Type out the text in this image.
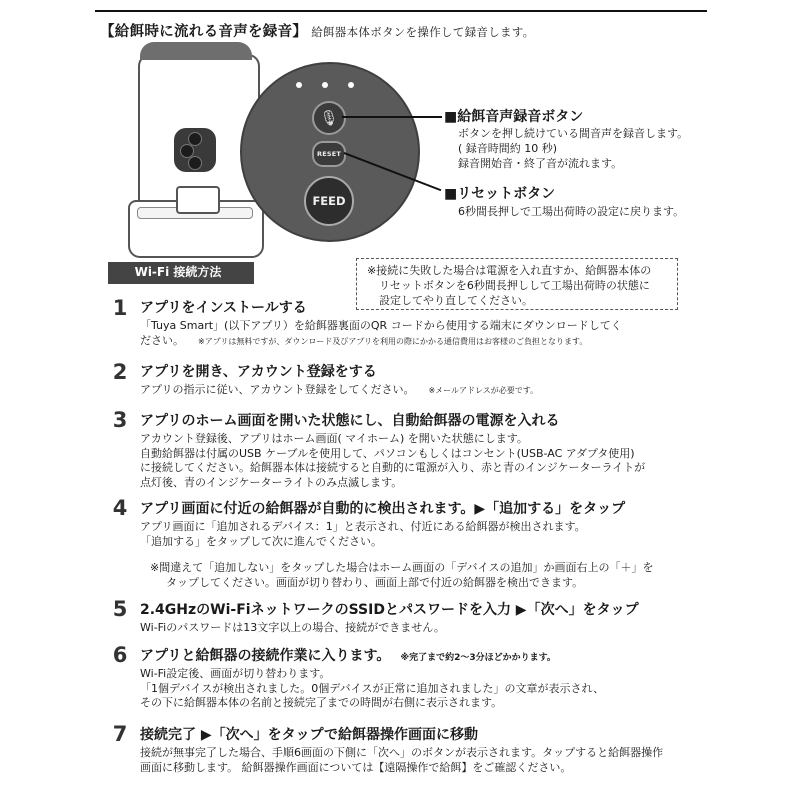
【給餌時に流れる音声を録音】 給餌器本体ボタンを操作して録音します。
🎙
RESET
FEED
■給餌音声録音ボタン
ボタンを押し続けている間音声を録音します。
( 録音時間約 10 秒)
録音開始音・終了音が流れます。
■リセットボタン
6秒間長押しで工場出荷時の設定に戻ります。
Wi-Fi 接続方法	※接続に失敗した場合は電源を入れ直すか、給餌器本体の
リセットボタンを6秒間長押しして工場出荷時の状態に
設定してやり直してください。
1 アプリをインストールする
「Tuya Smart」(以下アプリ）を給餌器裏面のQR コードから使用する端末にダウンロードしてく
ださい。 ※アプリは無料ですが、ダウンロード及びアプリを利用の際にかかる通信費用はお客様のご負担となります。
2 アプリを開き、アカウント登録をする
アプリの指示に従い、アカウント登録をしてください。 ※メールアドレスが必要です。
3 アプリのホーム画面を開いた状態にし、自動給餌器の電源を入れる
アカウント登録後、アプリはホーム画面( マイホーム) を開いた状態にします。
自動給餌器は付属のUSB ケーブルを使用して、パソコンもしくはコンセント(USB-AC アダプタ使用)
に接続してください。給餌器本体は接続すると自動的に電源が入り、赤と青のインジケーターライトが
点灯後、青のインジケーターライトのみ点滅します。
4 アプリ画面に付近の給餌器が自動的に検出されます。▶「追加する」をタップ
アプリ画面に「追加されるデバイス：1」と表示され、付近にある給餌器が検出されます。
「追加する」をタップして次に進んでください。
※間違えて「追加しない」をタップした場合はホーム画面の「デバイスの追加」か画面右上の「＋」を
タップしてください。画面が切り替わり、画面上部で付近の給餌器を検出できます。
5 2.4GHzのWi-FiネットワークのSSIDとパスワードを入力 ▶「次へ」をタップ
Wi-Fiのパスワードは13文字以上の場合、接続ができません。
6 アプリと給餌器の接続作業に入ります。 ※完了まで約2〜3分ほどかかります。
Wi-Fi設定後、画面が切り替わります。
「1個デバイスが検出されました。0個デバイスが正常に追加されました」の文章が表示され、
その下に給餌器本体の名前と接続完了までの時間が右側に表示されます。
7 接続完了 ▶「次へ」をタップで給餌器操作画面に移動
接続が無事完了した場合、手順6画面の下側に「次へ」のボタンが表示されます。タップすると給餌器操作
画面に移動します。 給餌器操作画面については【遠隔操作で給餌】をご確認ください。
